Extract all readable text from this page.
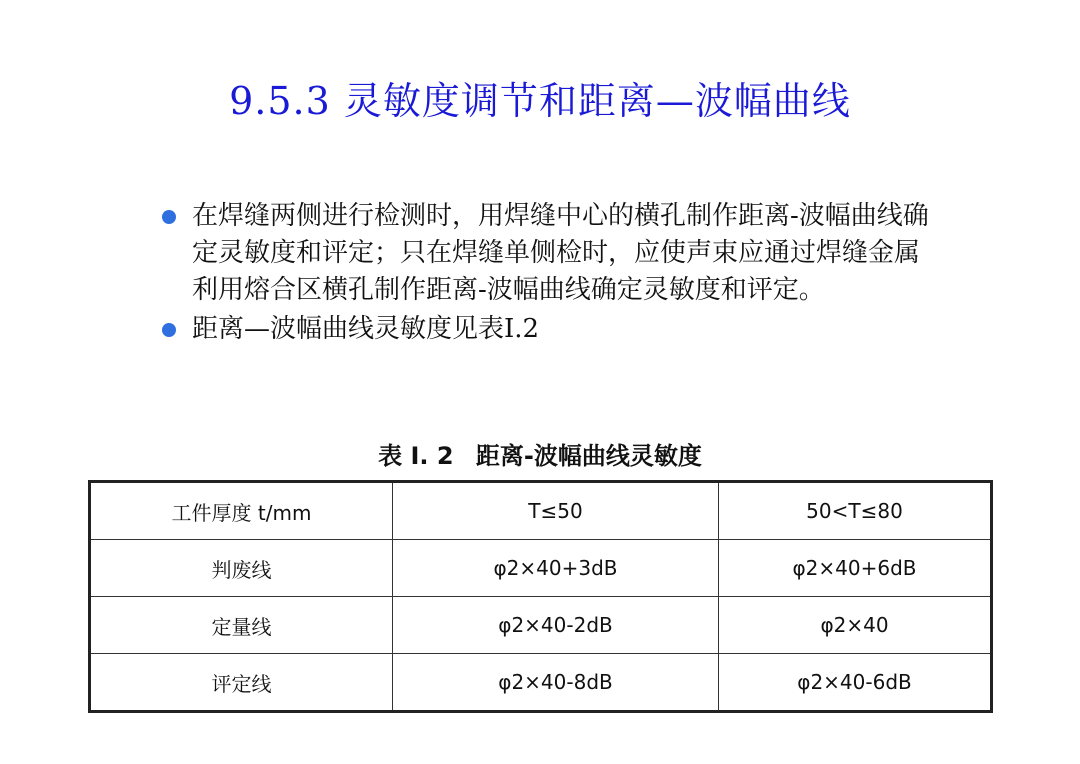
9.5.3 灵敏度调节和距离—波幅曲线
在焊缝两侧进行检测时，用焊缝中心的横孔制作距离-波幅曲线确定灵敏度和评定；只在焊缝单侧检时，应使声束应通过焊缝金属利用熔合区横孔制作距离-波幅曲线确定灵敏度和评定。
距离—波幅曲线灵敏度见表I.2
表 I. 2 距离-波幅曲线灵敏度
工件厚度 t/mm	T≤50	50<T≤80
判废线	φ2×40+3dB	φ2×40+6dB
定量线	φ2×40-2dB	φ2×40
评定线	φ2×40-8dB	φ2×40-6dB
